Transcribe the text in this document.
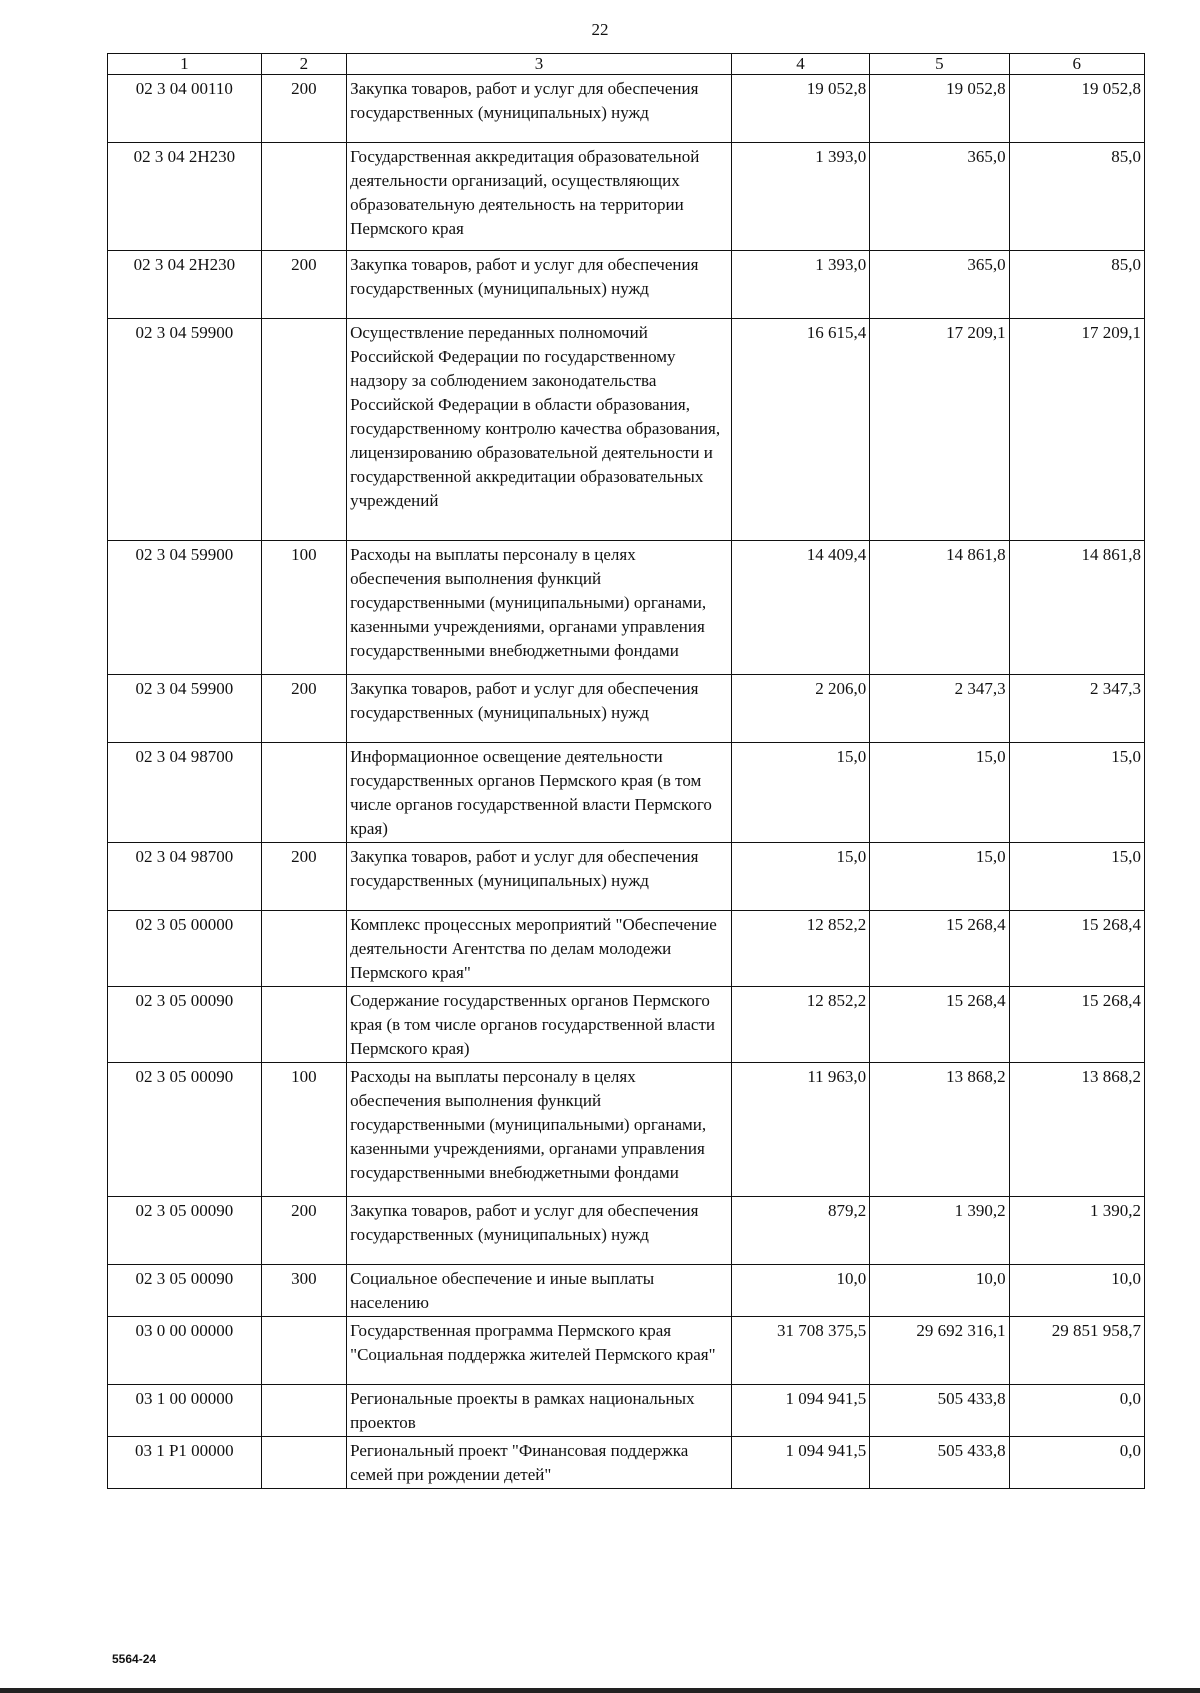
22
1	2	3	4	5	6
02 3 04 00110	200	Закупка товаров, работ и услуг для обеспечения государственных (муниципальных) нужд	19 052,8	19 052,8	19 052,8
02 3 04 2Н230		Государственная аккредитация образовательной деятельности организаций, осуществляющих образовательную деятельность на территории Пермского края	1 393,0	365,0	85,0
02 3 04 2Н230	200	Закупка товаров, работ и услуг для обеспечения государственных (муниципальных) нужд	1 393,0	365,0	85,0
02 3 04 59900		Осуществление переданных полномочий Российской Федерации по государственному надзору за соблюдением законодательства Российской Федерации в области образования, государственному контролю качества образования, лицензированию образовательной деятельности и государственной аккредитации образовательных учреждений	16 615,4	17 209,1	17 209,1
02 3 04 59900	100	Расходы на выплаты персоналу в целях обеспечения выполнения функций государственными (муниципальными) органами, казенными учреждениями, органами управления государственными внебюджетными фондами	14 409,4	14 861,8	14 861,8
02 3 04 59900	200	Закупка товаров, работ и услуг для обеспечения государственных (муниципальных) нужд	2 206,0	2 347,3	2 347,3
02 3 04 98700		Информационное освещение деятельности государственных органов Пермского края (в том числе органов государственной власти Пермского края)	15,0	15,0	15,0
02 3 04 98700	200	Закупка товаров, работ и услуг для обеспечения государственных (муниципальных) нужд	15,0	15,0	15,0
02 3 05 00000		Комплекс процессных мероприятий "Обеспечение деятельности Агентства по делам молодежи Пермского края"	12 852,2	15 268,4	15 268,4
02 3 05 00090		Содержание государственных органов Пермского края (в том числе органов государственной власти Пермского края)	12 852,2	15 268,4	15 268,4
02 3 05 00090	100	Расходы на выплаты персоналу в целях обеспечения выполнения функций государственными (муниципальными) органами, казенными учреждениями, органами управления государственными внебюджетными фондами	11 963,0	13 868,2	13 868,2
02 3 05 00090	200	Закупка товаров, работ и услуг для обеспечения государственных (муниципальных) нужд	879,2	1 390,2	1 390,2
02 3 05 00090	300	Социальное обеспечение и иные выплаты населению	10,0	10,0	10,0
03 0 00 00000		Государственная программа Пермского края "Социальная поддержка жителей Пермского края"	31 708 375,5	29 692 316,1	29 851 958,7
03 1 00 00000		Региональные проекты в рамках национальных проектов	1 094 941,5	505 433,8	0,0
03 1 Р1 00000		Региональный проект "Финансовая поддержка семей при рождении детей"	1 094 941,5	505 433,8	0,0
5564-24
